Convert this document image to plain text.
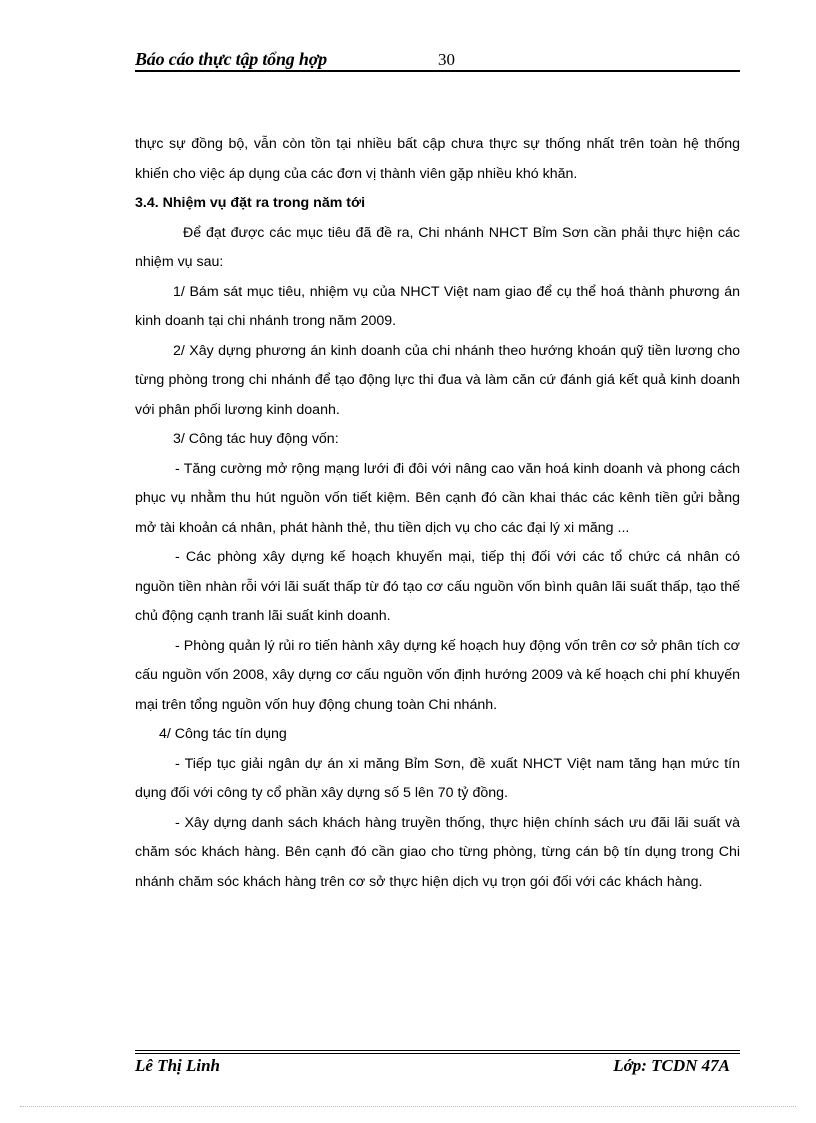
Báo cáo thực tập tổng hợp	30

thực sự đồng bộ, vẫn còn tồn tại nhiều bất cập chưa thực sự thống nhất trên toàn hệ thống khiến cho việc áp dụng của các đơn vị thành viên gặp nhiều khó khăn.

3.4. Nhiệm vụ đặt ra trong năm tới

Để đạt được các mục tiêu đã đề ra, Chi nhánh NHCT Bỉm Sơn cần phải thực hiện các nhiệm vụ sau:

1/ Bám sát mục tiêu, nhiệm vụ của NHCT Việt nam giao để cụ thể hoá thành phương án kinh doanh tại chi nhánh trong năm 2009.

2/ Xây dựng phương án kinh doanh của chi nhánh theo hướng khoán quỹ tiền lương cho từng phòng trong chi nhánh để tạo động lực thi đua và làm căn cứ đánh giá kết quả kinh doanh với phân phối lương kinh doanh.

3/ Công tác huy động vốn:

- Tăng cường mở rộng mạng lưới đi đôi với nâng cao văn hoá kinh doanh và phong cách phục vụ nhằm thu hút nguồn vốn tiết kiệm. Bên cạnh đó cần khai thác các kênh tiền gửi bằng mở tài khoản cá nhân, phát hành thẻ, thu tiền dịch vụ cho các đại lý xi măng ...

- Các phòng xây dựng kế hoạch khuyến mại, tiếp thị đối với các tổ chức cá nhân có nguồn tiền nhàn rỗi với lãi suất thấp từ đó tạo cơ cấu nguồn vốn bình quân lãi suất thấp, tạo thế chủ động cạnh tranh lãi suất kinh doanh.

- Phòng quản lý rủi ro tiến hành xây dựng kế hoạch huy động vốn trên cơ sở phân tích cơ cấu nguồn vốn 2008, xây dựng cơ cấu nguồn vốn định hướng 2009 và kế hoạch chi phí khuyến mại trên tổng nguồn vốn huy động chung toàn Chi nhánh.

4/ Công tác tín dụng

- Tiếp tục giải ngân dự án xi măng Bỉm Sơn, đề xuất NHCT Việt nam tăng hạn mức tín dụng đối với công ty cổ phần xây dựng số 5 lên 70 tỷ đồng.

- Xây dựng danh sách khách hàng truyền thống, thực hiện chính sách ưu đãi lãi suất và chăm sóc khách hàng. Bên cạnh đó cần giao cho từng phòng, từng cán bộ tín dụng trong Chi nhánh chăm sóc khách hàng trên cơ sở thực hiện dịch vụ trọn gói đối với các khách hàng.

Lê Thị Linh	Lớp: TCDN 47A
